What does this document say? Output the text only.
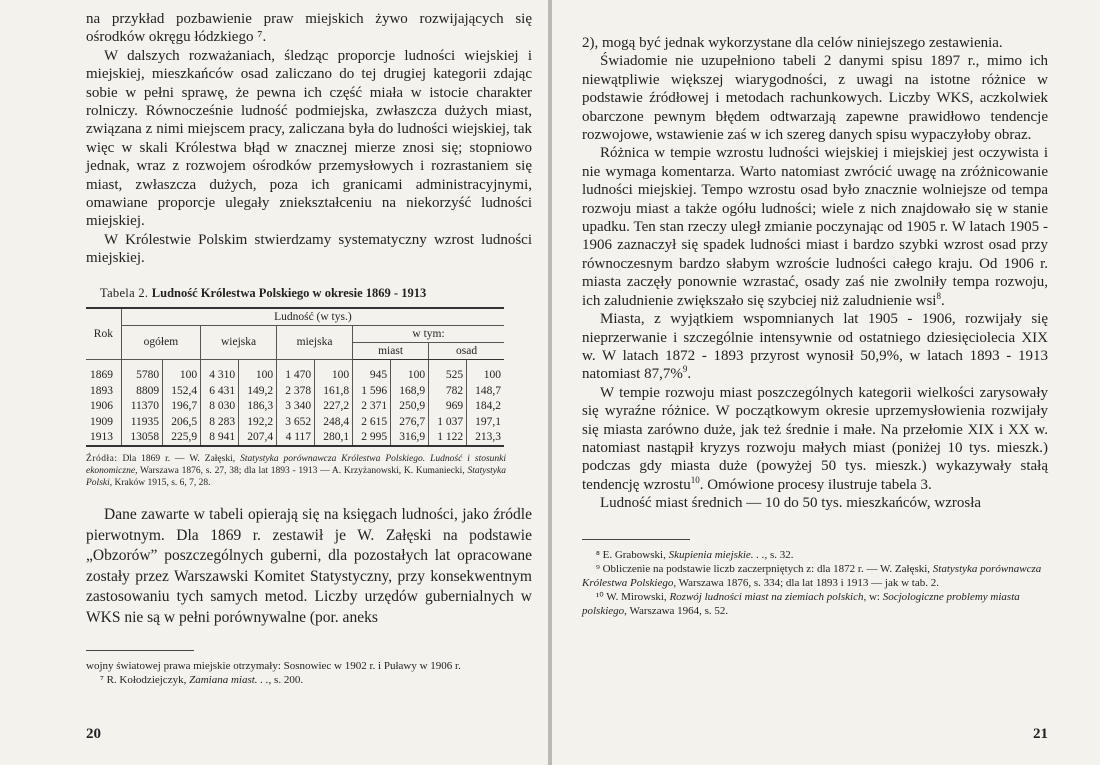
na przykład pozbawienie praw miejskich żywo rozwijających się ośrodków okręgu łódzkiego ⁷.

W dalszych rozważaniach, śledząc proporcje ludności wiejskiej i miejskiej, mieszkańców osad zaliczano do tej drugiej kategorii zdając sobie w pełni sprawę, że pewna ich część miała w istocie charakter rolniczy. Równocześnie ludność podmiejska, zwłaszcza dużych miast, związana z nimi miejscem pracy, zaliczana była do ludności wiejskiej, tak więc w skali Królestwa błąd w znacznej mierze znosi się; stopniowo jednak, wraz z rozwojem ośrodków przemysłowych i rozrastaniem się miast, zwłaszcza dużych, poza ich granicami administracyjnymi, omawiane proporcje ulegały zniekształceniu na niekorzyść ludności miejskiej.

W Królestwie Polskim stwierdzamy systematyczny wzrost ludności miejskiej.

Tabela 2. Ludność Królestwa Polskiego w okresie 1869 - 1913
Rok	Ludność (w tys.)									
	ogółem		wiejska		miejska		w tym:			
							miast		osad	
1869	5780	100	4 310	100	1 470	100	945	100	525	100
1893	8809	152,4	6 431	149,2	2 378	161,8	1 596	168,9	782	148,7
1906	11370	196,7	8 030	186,3	3 340	227,2	2 371	250,9	969	184,2
1909	11935	206,5	8 283	192,2	3 652	248,4	2 615	276,7	1 037	197,1
1913	13058	225,9	8 941	207,4	4 117	280,1	2 995	316,9	1 122	213,3

Źródła: Dla 1869 r. — W. Załęski, Statystyka porównawcza Królestwa Polskiego. Ludność i stosunki ekonomiczne, Warszawa 1876, s. 27, 38; dla lat 1893 - 1913 — A. Krzyżanowski, K. Kumaniecki, Statystyka Polski, Kraków 1915, s. 6, 7, 28.

Dane zawarte w tabeli opierają się na księgach ludności, jako źródle pierwotnym. Dla 1869 r. zestawił je W. Załęski na podstawie „Obzorów” poszczególnych guberni, dla pozostałych lat opracowane zostały przez Warszawski Komitet Statystyczny, przy konsekwentnym zastosowaniu tych samych metod. Liczby urzędów gubernialnych w WKS nie są w pełni porównywalne (por. aneks

wojny światowej prawa miejskie otrzymały: Sosnowiec w 1902 r. i Puławy w 1906 r.

⁷ R. Kołodziejczyk, Zamiana miast. . ., s. 200.

20

2), mogą być jednak wykorzystane dla celów niniejszego zestawienia.

Świadomie nie uzupełniono tabeli 2 danymi spisu 1897 r., mimo ich niewątpliwie większej wiarygodności, z uwagi na istotne różnice w podstawie źródłowej i metodach rachunkowych. Liczby WKS, aczkolwiek obarczone pewnym błędem odtwarzają zapewne prawidłowo tendencje rozwojowe, wstawienie zaś w ich szereg danych spisu wypaczyłoby obraz.

Różnica w tempie wzrostu ludności wiejskiej i miejskiej jest oczywista i nie wymaga komentarza. Warto natomiast zwrócić uwagę na zróżnicowanie ludności miejskiej. Tempo wzrostu osad było znacznie wolniejsze od tempa rozwoju miast a także ogółu ludności; wiele z nich znajdowało się w stanie upadku. Ten stan rzeczy uległ zmianie poczynając od 1905 r. W latach 1905 - 1906 zaznaczył się spadek ludności miast i bardzo szybki wzrost osad przy równoczesnym bardzo słabym wzroście ludności całego kraju. Od 1906 r. miasta zaczęły ponownie wzrastać, osady zaś nie zwolniły tempa rozwoju, ich zaludnienie zwiększało się szybciej niż zaludnienie wsi$^8$.

Miasta, z wyjątkiem wspomnianych lat 1905 - 1906, rozwijały się nieprzerwanie i szczególnie intensywnie od ostatniego dziesięciolecia XIX w. W latach 1872 - 1893 przyrost wynosił 50,9%, w latach 1893 - 1913 natomiast 87,7%$^9$.

W tempie rozwoju miast poszczególnych kategorii wielkości zarysowały się wyraźne różnice. W początkowym okresie uprzemysłowienia rozwijały się miasta zarówno duże, jak też średnie i małe. Na przełomie XIX i XX w. natomiast nastąpił kryzys rozwoju małych miast (poniżej 10 tys. mieszk.) podczas gdy miasta duże (powyżej 50 tys. mieszk.) wykazywały stałą tendencję wzrostu$^{10}$. Omówione procesy ilustruje tabela 3.

Ludność miast średnich — 10 do 50 tys. mieszkańców, wzrosła

⁸ E. Grabowski, Skupienia miejskie. . ., s. 32.

⁹ Obliczenie na podstawie liczb zaczerpniętych z: dla 1872 r. — W. Załęski, Statystyka porównawcza Królestwa Polskiego, Warszawa 1876, s. 334; dla lat 1893 i 1913 — jak w tab. 2.

¹⁰ W. Mirowski, Rozwój ludności miast na ziemiach polskich, w: Socjologiczne problemy miasta polskiego, Warszawa 1964, s. 52.

21
